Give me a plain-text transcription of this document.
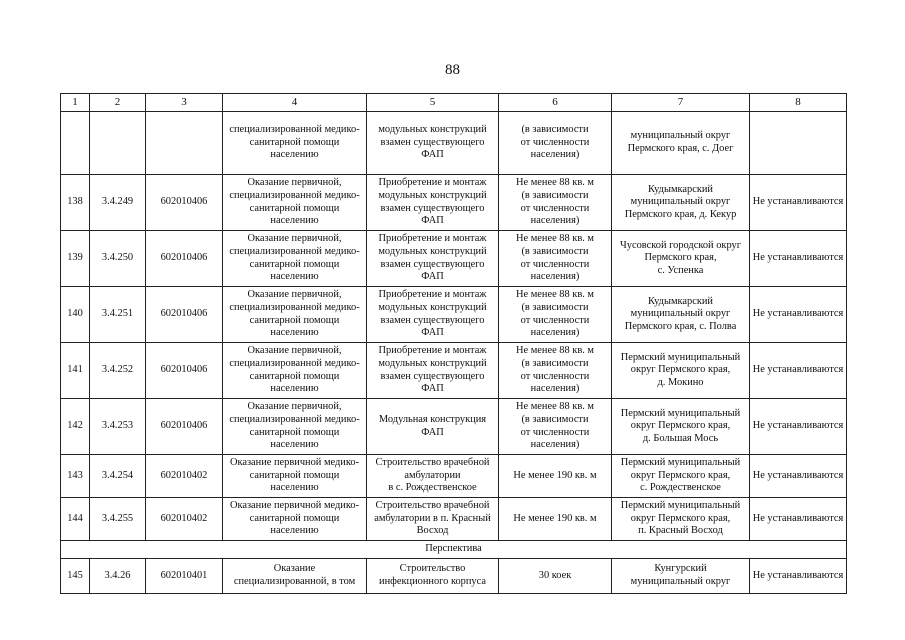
88
1	2	3	4	5	6	7	8
			специализированной медико-
санитарной помощи
населению	модульных конструкций
взамен существующего
ФАП	(в зависимости
от численности
населения)	муниципальный округ
Пермского края, с. Доег	
138	3.4.249	602010406	Оказание первичной,
специализированной медико-
санитарной помощи
населению	Приобретение и монтаж
модульных конструкций
взамен существующего
ФАП	Не менее 88 кв. м
(в зависимости
от численности
населения)	Кудымкарский
муниципальный округ
Пермского края, д. Кекур	Не устанавливаются
139	3.4.250	602010406	Оказание первичной,
специализированной медико-
санитарной помощи
населению	Приобретение и монтаж
модульных конструкций
взамен существующего
ФАП	Не менее 88 кв. м
(в зависимости
от численности
населения)	Чусовской городской округ
Пермского края,
с. Успенка	Не устанавливаются
140	3.4.251	602010406	Оказание первичной,
специализированной медико-
санитарной помощи
населению	Приобретение и монтаж
модульных конструкций
взамен существующего
ФАП	Не менее 88 кв. м
(в зависимости
от численности
населения)	Кудымкарский
муниципальный округ
Пермского края, с. Полва	Не устанавливаются
141	3.4.252	602010406	Оказание первичной,
специализированной медико-
санитарной помощи
населению	Приобретение и монтаж
модульных конструкций
взамен существующего
ФАП	Не менее 88 кв. м
(в зависимости
от численности
населения)	Пермский муниципальный
округ Пермского края,
д. Мокино	Не устанавливаются
142	3.4.253	602010406	Оказание первичной,
специализированной медико-
санитарной помощи
населению	Модульная конструкция
ФАП	Не менее 88 кв. м
(в зависимости
от численности
населения)	Пермский муниципальный
округ Пермского края,
д. Большая Мось	Не устанавливаются
143	3.4.254	602010402	Оказание первичной медико-
санитарной помощи
населению	Строительство врачебной
амбулатории
в с. Рождественское	Не менее 190 кв. м	Пермский муниципальный
округ Пермского края,
с. Рождественское	Не устанавливаются
144	3.4.255	602010402	Оказание первичной медико-
санитарной помощи
населению	Строительство врачебной
амбулатории в п. Красный
Восход	Не менее 190 кв. м	Пермский муниципальный
округ Пермского края,
п. Красный Восход	Не устанавливаются
Перспектива							
145	3.4.26	602010401	Оказание
специализированной, в том	Строительство
инфекционного корпуса	30 коек	Кунгурский
муниципальный округ	Не устанавливаются
